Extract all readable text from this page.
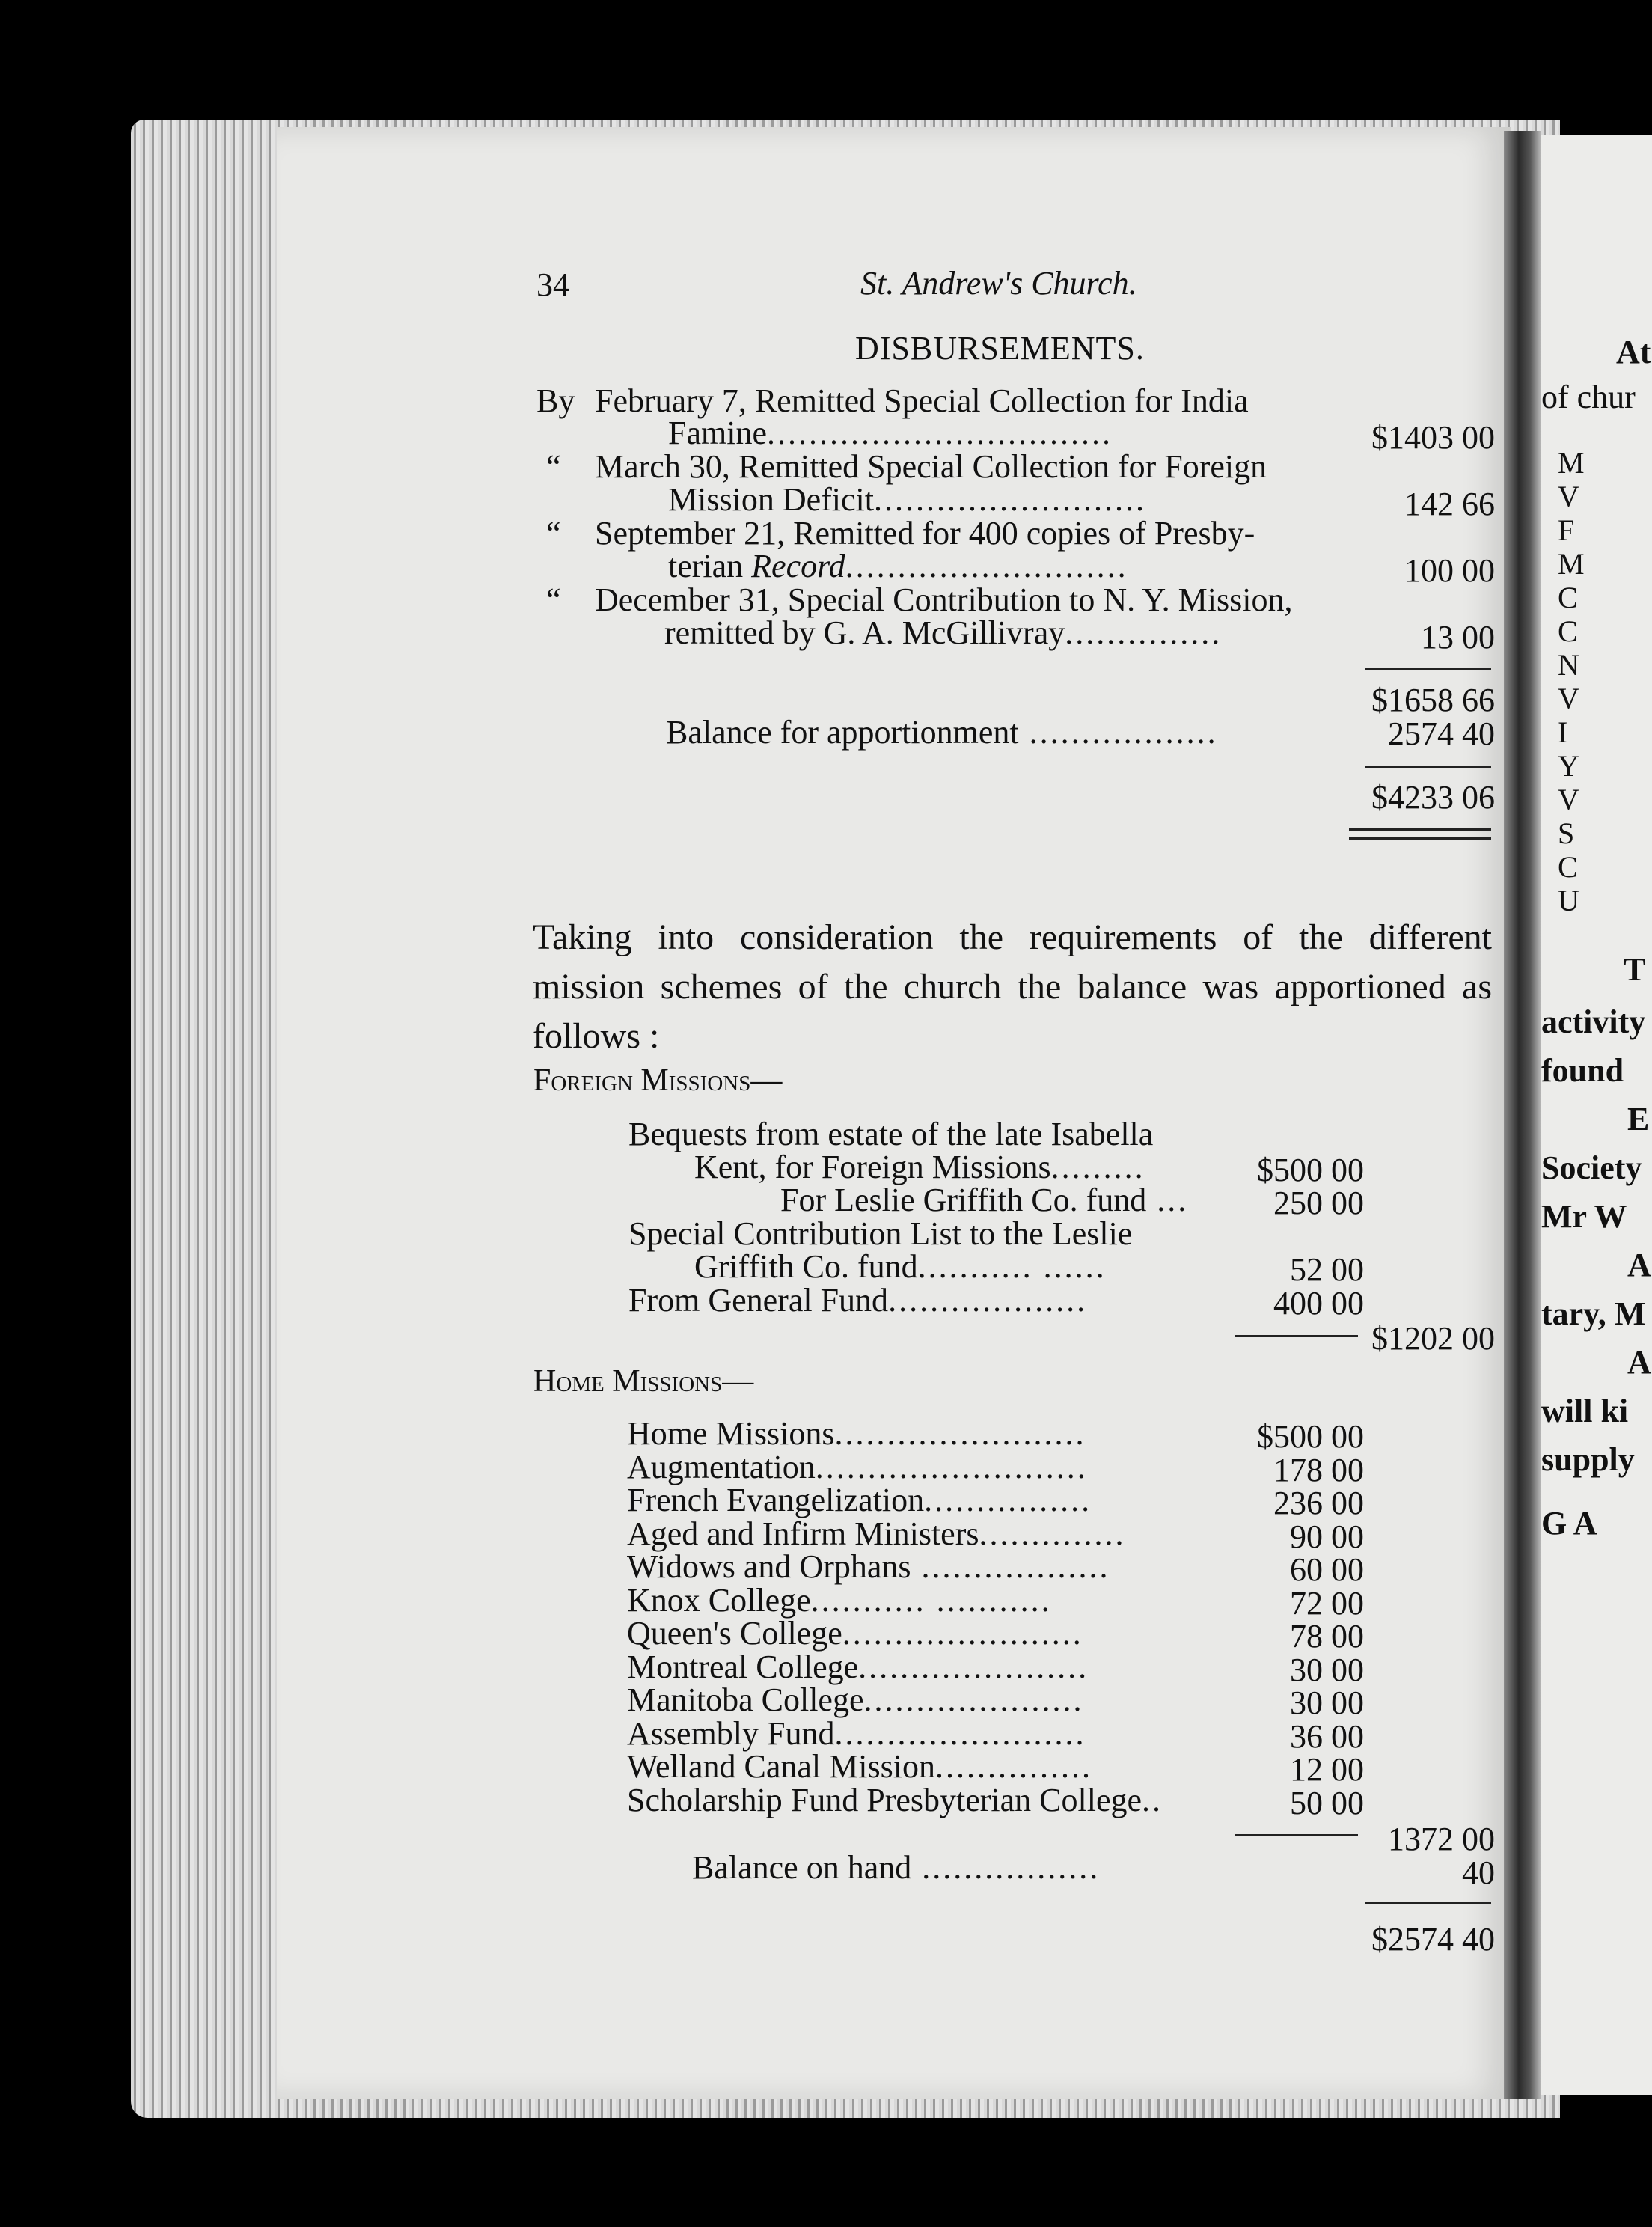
At
of chur
M
V
F
M
C
C
N
V
I
Y
V
S
C
U
T
activity
found
E
Society
Mr W
A
tary, M
A
will ki
supply
G A
34	St. Andrew's Church.
DISBURSEMENTS.
By February 7, Remitted Special Collection for India
Famine.................................	$1403 00
“ March 30, Remitted Special Collection for Foreign
Mission Deficit..........................	142 66
“ September 21, Remitted for 400 copies of Presby-
terian Record...........................	100 00
“ December 31, Special Contribution to N. Y. Mission,
remitted by G. A. McGillivray...............	13 00
$1658 66
Balance for apportionment ..................	2574 40
$4233 06

Taking into consideration the requirements of the different mission schemes of the church the balance was apportioned as follows :

Foreign Missions—
Bequests from estate of the late Isabella
Kent, for Foreign Missions.........	$500 00
For Leslie Griffith Co. fund ...	250 00
Special Contribution List to the Leslie
Griffith Co. fund........... ......	52 00
From General Fund...................	400 00
$1202 00
Home Missions—
Home Missions........................	$500 00
Augmentation..........................	178 00
French Evangelization................	236 00
Aged and Infirm Ministers..............	90 00
Widows and Orphans ..................	60 00
Knox College........... ...........	72 00
Queen's College.......................	78 00
Montreal College......................	30 00
Manitoba College.....................	30 00
Assembly Fund........................	36 00
Welland Canal Mission...............	12 00
Scholarship Fund Presbyterian College..	50 00
1372 00
Balance on hand .................	40
$2574 40
